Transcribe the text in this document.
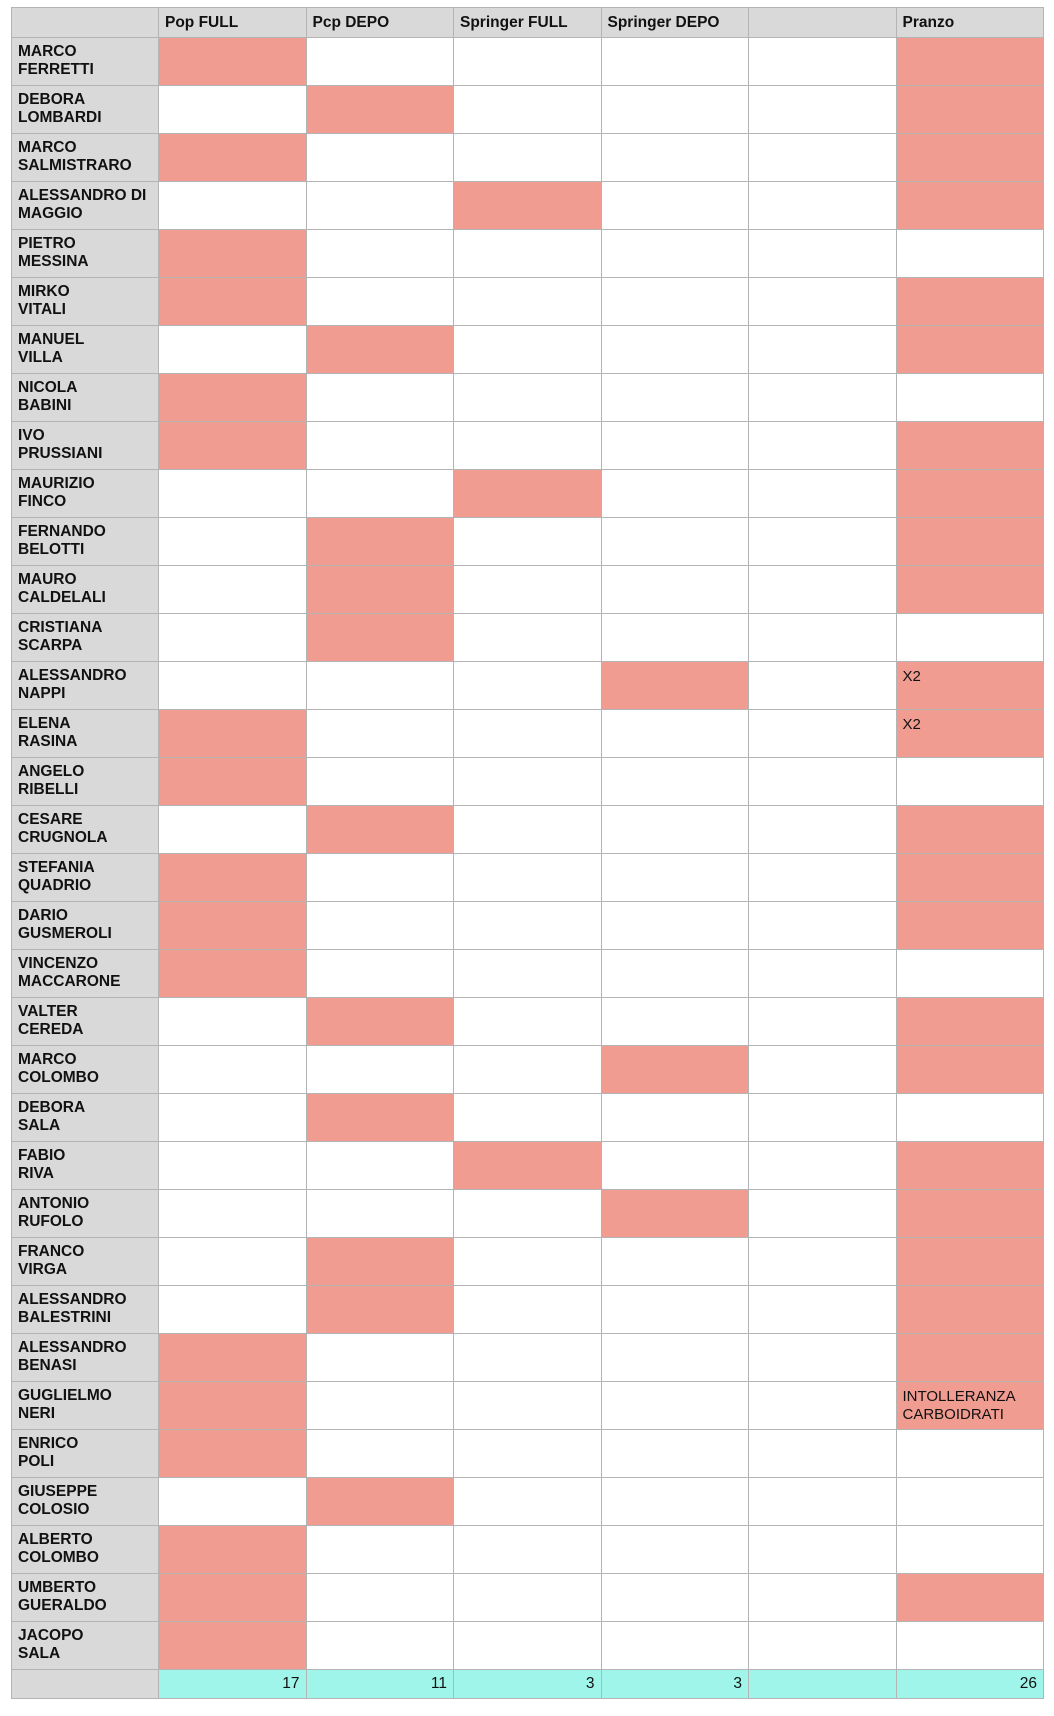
	Pop FULL	Pcp DEPO	Springer FULL	Springer DEPO		Pranzo

MARCO
FERRETTI						

DEBORA
LOMBARDI						

MARCO
SALMISTRARO						

ALESSANDRO DI
MAGGIO						

PIETRO
MESSINA						

MIRKO
VITALI						

MANUEL
VILLA						

NICOLA
BABINI						

IVO
PRUSSIANI						

MAURIZIO
FINCO						

FERNANDO
BELOTTI						

MAURO
CALDELALI						

CRISTIANA
SCARPA						

ALESSANDRO
NAPPI						X2

ELENA
RASINA						X2

ANGELO
RIBELLI						

CESARE
CRUGNOLA						

STEFANIA
QUADRIO						

DARIO
GUSMEROLI						

VINCENZO
MACCARONE						

VALTER
CEREDA						

MARCO
COLOMBO						

DEBORA
SALA						

FABIO
RIVA						

ANTONIO
RUFOLO						

FRANCO
VIRGA						

ALESSANDRO
BALESTRINI						

ALESSANDRO
BENASI						

GUGLIELMO
NERI						INTOLLERANZA CARBOIDRATI

ENRICO
POLI						

GIUSEPPE
COLOSIO						

ALBERTO
COLOMBO						

UMBERTO
GUERALDO						

JACOPO
SALA						

	17	11	3	3		26
